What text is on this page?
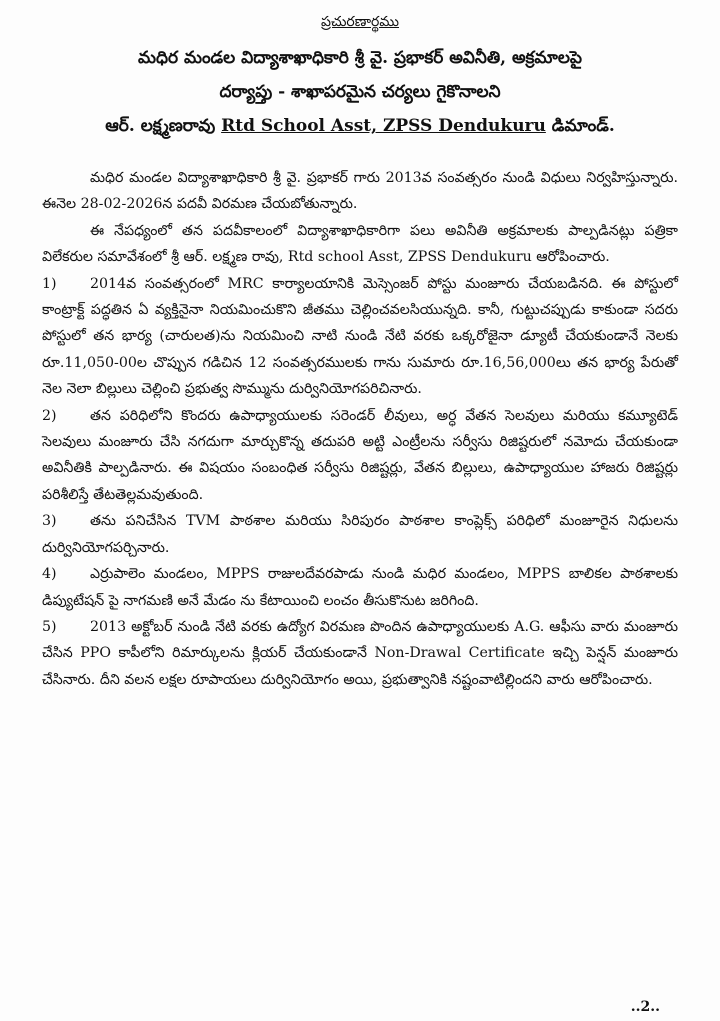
ప్రచురణార్థము
మధిర మండల విద్యాశాఖాధికారి శ్రీ వై. ప్రభాకర్ అవినీతి, అక్రమాలపై
దర్యాప్తు - శాఖాపరమైన చర్యలు గైకొనాలని
ఆర్. లక్ష్మణరావు Rtd School Asst, ZPSS Dendukuru డిమాండ్.

మధిర మండల విద్యాశాఖాధికారి శ్రీ వై. ప్రభాకర్ గారు 2013వ సంవత్సరం నుండి విధులు నిర్వహిస్తున్నారు. ఈనెల 28-02-2026న పదవీ విరమణ చేయబోతున్నారు.

ఈ నేపధ్యంలో తన పదవీకాలంలో విద్యాశాఖాధికారిగా పలు అవినీతి అక్రమాలకు పాల్పడినట్లు పత్రికా విలేకరుల సమావేశంలో శ్రీ ఆర్. లక్ష్మణ రావు, Rtd school Asst, ZPSS Dendukuru ఆరోపించారు.

1) 2014వ సంవత్సరంలో MRC కార్యాలయానికి మెస్సెంజర్ పోస్టు మంజూరు చేయబడినది. ఈ పోస్టులో కాంట్రాక్ట్ పద్ధతిన ఏ వ్యక్తినైనా నియమించుకొని జీతము చెల్లించవలసియున్నది. కానీ, గుట్టుచప్పుడు కాకుండా సదరు పోస్టులో తన భార్య (చారులత)ను నియమించి నాటి నుండి నేటి వరకు ఒక్కరోజైనా డ్యూటీ చేయకుండానే నెలకు రూ.11,050-00ల చొప్పున గడిచిన 12 సంవత్సరములకు గాను సుమారు రూ.16,56,000లు తన భార్య పేరుతో నెల నెలా బిల్లులు చెల్లించి ప్రభుత్వ సొమ్మును దుర్వినియోగపరిచినారు.

2) తన పరిధిలోని కొందరు ఉపాధ్యాయులకు సరెండర్ లీవులు, అర్ధ వేతన సెలవులు మరియు కమ్యూటెడ్ సెలవులు మంజూరు చేసి నగదుగా మార్చుకొన్న తదుపరి అట్టి ఎంట్రీలను సర్వీసు రిజిష్టరులో నమోదు చేయకుండా అవినీతికి పాల్పడినారు. ఈ విషయం సంబంధిత సర్వీసు రిజిష్టర్లు, వేతన బిల్లులు, ఉపాధ్యాయుల హాజరు రిజిష్టర్లు పరిశీలిస్తే తేటతెల్లమవుతుంది.

3) తను పనిచేసిన TVM పాఠశాల మరియు సిరిపురం పాఠశాల కాంప్లెక్స్ పరిధిలో మంజూరైన నిధులను దుర్వినియోగపర్చినారు.

4) ఎర్రుపాలెం మండలం, MPPS రాజులదేవరపాడు నుండి మధిర మండలం, MPPS బాలికల పాఠశాలకు డిప్యుటేషన్ పై నాగమణి అనే మేడం ను కేటాయించి లంచం తీసుకొనుట జరిగింది.

5) 2013 అక్టోబర్ నుండి నేటి వరకు ఉద్యోగ విరమణ పొందిన ఉపాధ్యాయులకు A.G. ఆఫీసు వారు మంజూరు చేసిన PPO కాపీలోని రిమార్కులను క్లియర్ చేయకుండానే Non-Drawal Certificate ఇచ్చి పెన్షన్ మంజూరు చేసినారు. దీని వలన లక్షల రూపాయలు దుర్వినియోగం అయి, ప్రభుత్వానికి నష్టంవాటిల్లిందని వారు ఆరోపించారు.

..2..
